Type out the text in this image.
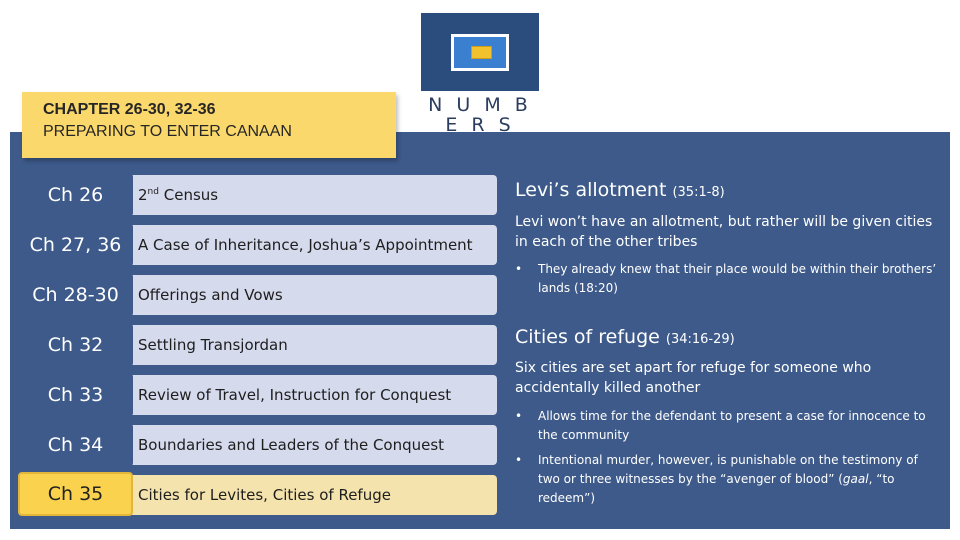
N U M B E R S
CHAPTER 26-30, 32-36
PREPARING TO ENTER CANAAN
2nd Census
Ch 26
A Case of Inheritance, Joshua’s Appointment
Ch 27, 36
Offerings and Vows
Ch 28-30
Settling Transjordan
Ch 32
Review of Travel, Instruction for Conquest
Ch 33
Boundaries and Leaders of the Conquest
Ch 34
Cities for Levites, Cities of Refuge
Ch 35
Levi’s allotment (35:1-8)
Levi won’t have an allotment, but rather will be given cities in each of the other tribes
• They already knew that their place would be within their brothers’ lands (18:20)
Cities of refuge (34:16-29)
Six cities are set apart for refuge for someone who accidentally killed another
• Allows time for the defendant to present a case for innocence to the community
• Intentional murder, however, is punishable on the testimony of two or three witnesses by the “avenger of blood” (gaal, “to redeem”)
